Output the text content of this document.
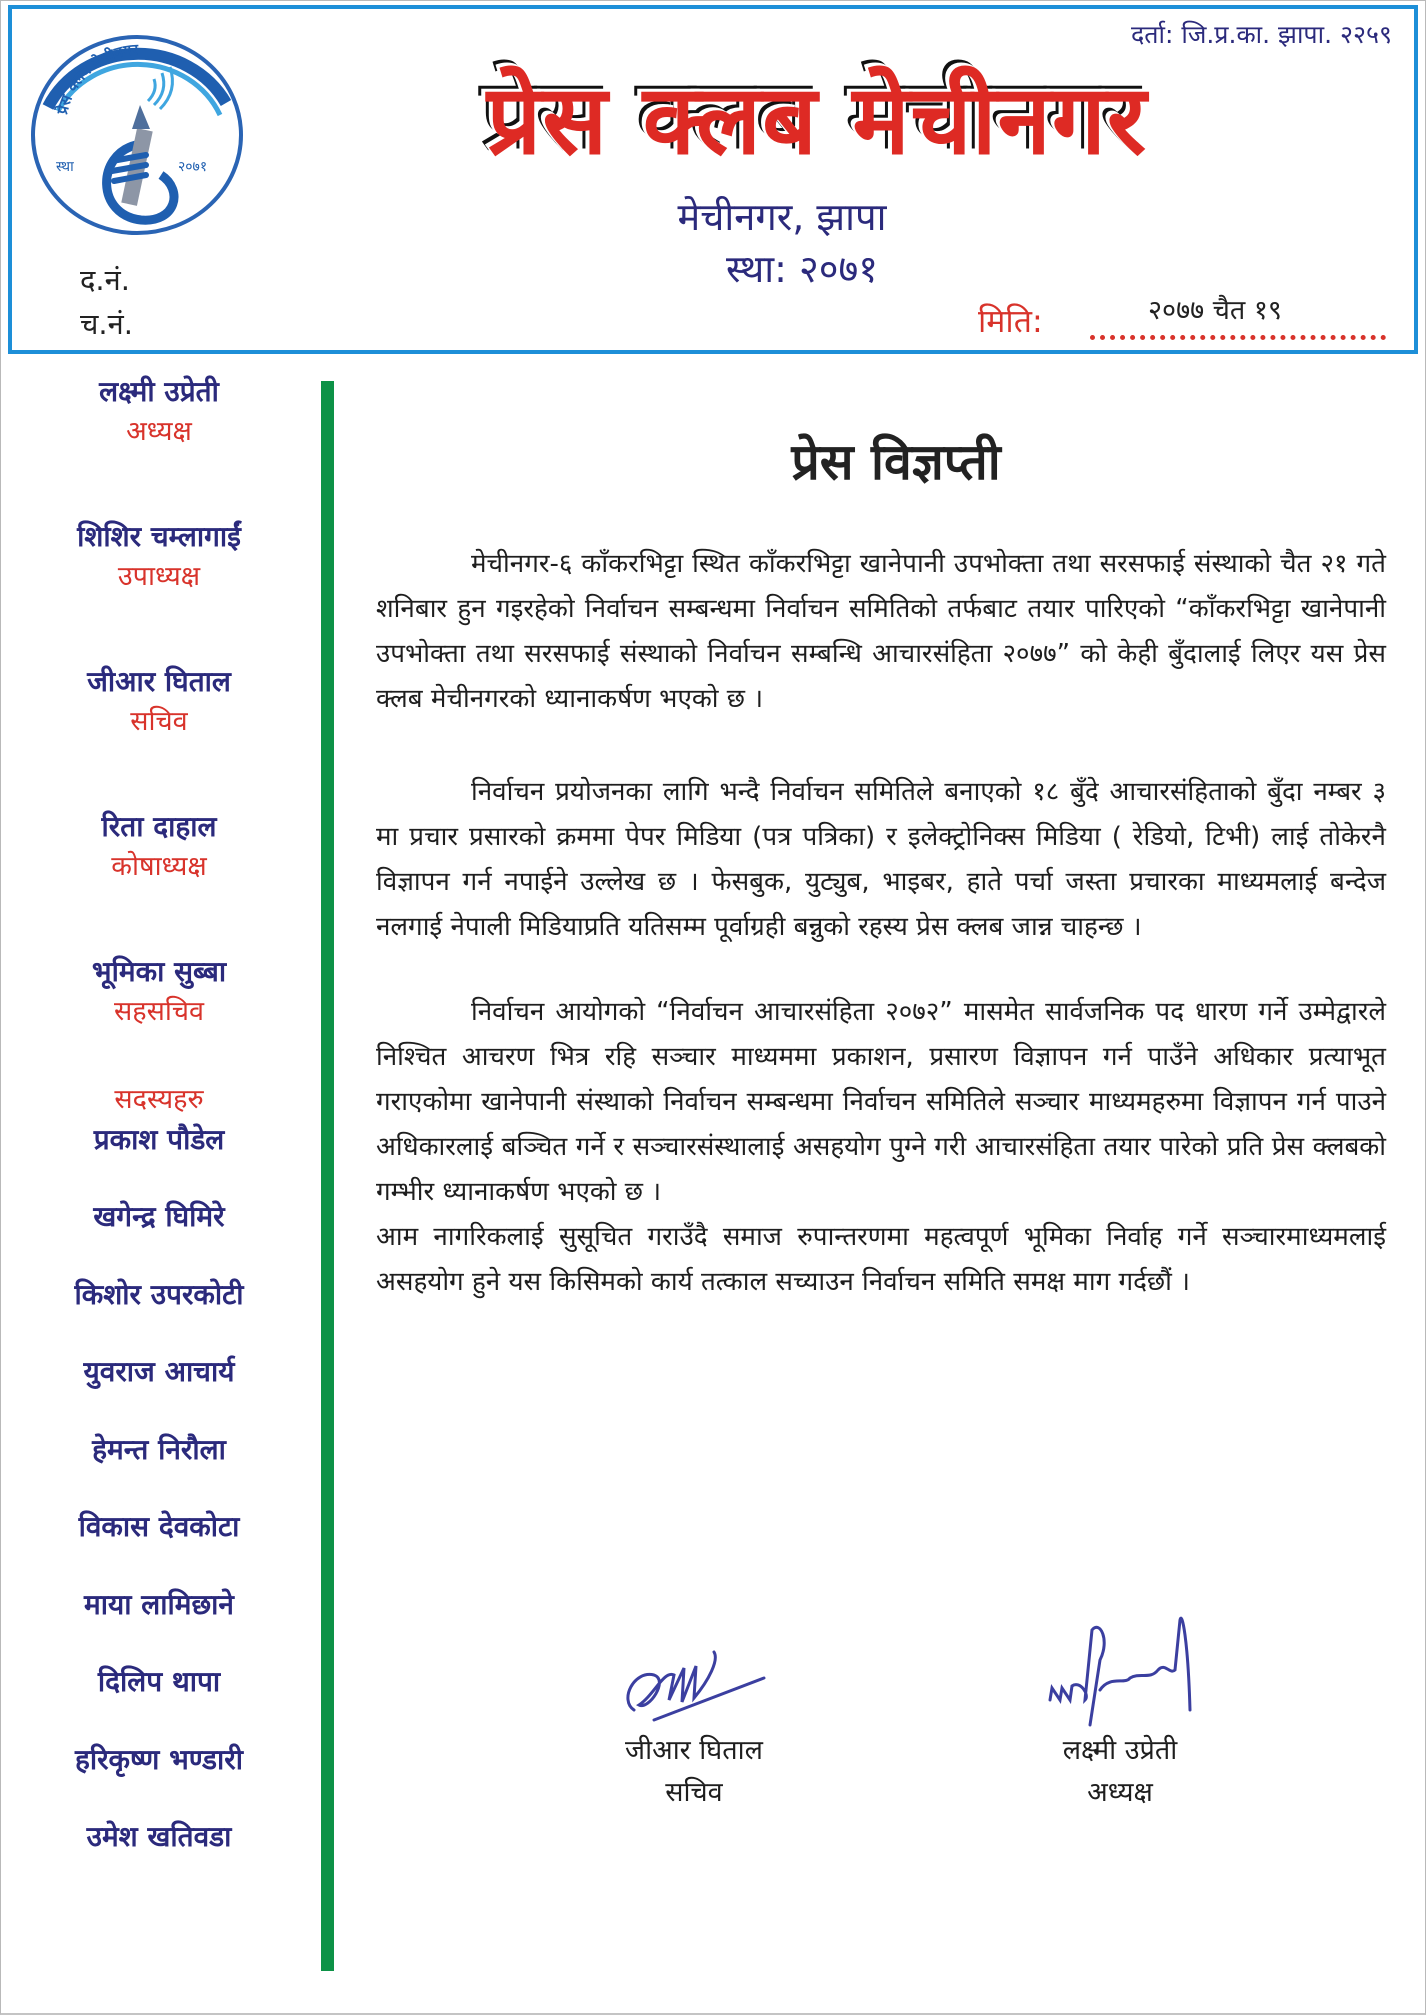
प्रेस क्लब मेचीनगर
स्था	२०७१
दर्ता: जि.प्र.का. झापा. २२५९
प्रेस क्लब मेचीनगर
मेचीनगर, झापा
स्था: २०७१
द.नं.
च.नं.	मिति:	२०७७ चैत १९
लक्ष्मी उप्रेती
अध्यक्ष
शिशिर चम्लागाईं
उपाध्यक्ष
जीआर घिताल
सचिव
रिता दाहाल
कोषाध्यक्ष
भूमिका सुब्बा
सहसचिव
सदस्यहरु
प्रकाश पौडेल
खगेन्द्र घिमिरे
किशोर उपरकोटी
युवराज आचार्य
हेमन्त निरौला
विकास देवकोटा
माया लामिछाने
दिलिप थापा
हरिकृष्ण भण्डारी
उमेश खतिवडा
प्रेस विज्ञप्ती

मेचीनगर-६ काँकरभिट्टा स्थित काँकरभिट्टा खानेपानी उपभोक्ता तथा सरसफाई संस्थाको चैत २१ गते शनिबार हुन गइरहेको निर्वाचन सम्बन्धमा निर्वाचन समितिको तर्फबाट तयार पारिएको “काँकरभिट्टा खानेपानी उपभोक्ता तथा सरसफाई संस्थाको निर्वाचन सम्बन्धि आचारसंहिता २०७७” को केही बुँदालाई लिएर यस प्रेस क्लब मेचीनगरको ध्यानाकर्षण भएको छ ।

निर्वाचन प्रयोजनका लागि भन्दै निर्वाचन समितिले बनाएको १८ बुँदे आचारसंहिताको बुँदा नम्बर ३ मा प्रचार प्रसारको क्रममा पेपर मिडिया (पत्र पत्रिका) र इलेक्ट्रोनिक्स मिडिया ( रेडियो, टिभी) लाई तोकेरनै विज्ञापन गर्न नपाईने उल्लेख छ । फेसबुक, युट्युब, भाइबर, हाते पर्चा जस्ता प्रचारका माध्यमलाई बन्देज नलगाई नेपाली मिडियाप्रति यतिसम्म पूर्वाग्रही बन्नुको रहस्य प्रेस क्लब जान्न चाहन्छ ।

निर्वाचन आयोगको “निर्वाचन आचारसंहिता २०७२” मासमेत सार्वजनिक पद धारण गर्ने उम्मेद्वारले निश्चित आचरण भित्र रहि सञ्चार माध्यममा प्रकाशन, प्रसारण विज्ञापन गर्न पाउँने अधिकार प्रत्याभूत गराएकोमा खानेपानी संस्थाको निर्वाचन सम्बन्धमा निर्वाचन समितिले सञ्चार माध्यमहरुमा विज्ञापन गर्न पाउने अधिकारलाई बञ्चित गर्ने र सञ्चारसंस्थालाई असहयोग पुग्ने गरी आचारसंहिता तयार पारेको प्रति प्रेस क्लबको गम्भीर ध्यानाकर्षण भएको छ ।

आम नागरिकलाई सुसूचित गराउँदै समाज रुपान्तरणमा महत्वपूर्ण भूमिका निर्वाह गर्ने सञ्चारमाध्यमलाई असहयोग हुने यस किसिमको कार्य तत्काल सच्याउन निर्वाचन समिति समक्ष माग गर्दछौं ।

जीआर घिताल
सचिव
लक्ष्मी उप्रेती
अध्यक्ष
